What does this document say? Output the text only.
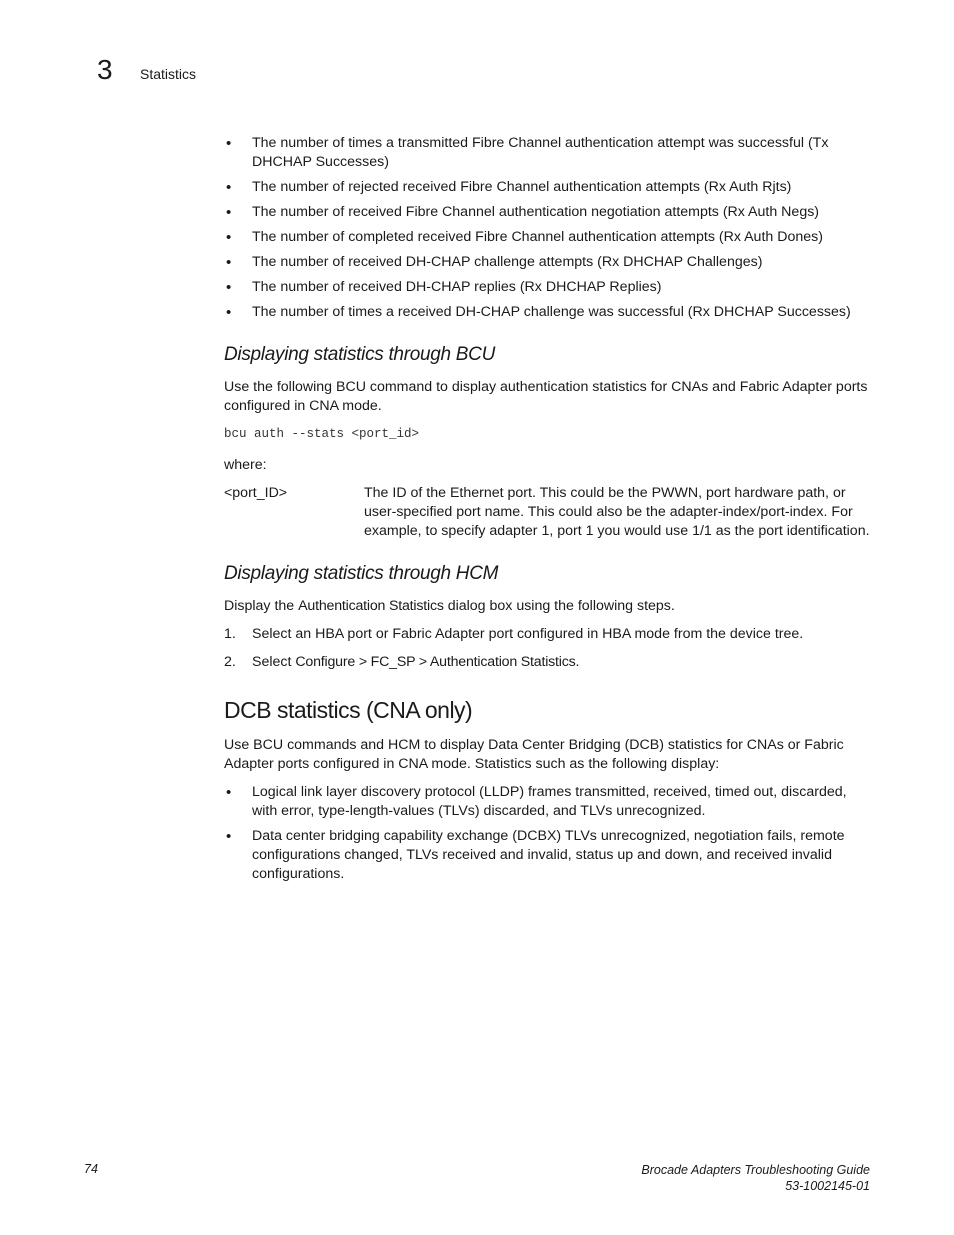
3 Statistics
• The number of times a transmitted Fibre Channel authentication attempt was successful (Tx DHCHAP Successes)
• The number of rejected received Fibre Channel authentication attempts (Rx Auth Rjts)
• The number of received Fibre Channel authentication negotiation attempts (Rx Auth Negs)
• The number of completed received Fibre Channel authentication attempts (Rx Auth Dones)
• The number of received DH-CHAP challenge attempts (Rx DHCHAP Challenges)
• The number of received DH-CHAP replies (Rx DHCHAP Replies)
• The number of times a received DH-CHAP challenge was successful (Rx DHCHAP Successes)
Displaying statistics through BCU

Use the following BCU command to display authentication statistics for CNAs and Fabric Adapter ports configured in CNA mode.

bcu auth --stats <port_id>

where:

<port_ID>	The ID of the Ethernet port. This could be the PWWN, port hardware path, or user-specified port name. This could also be the adapter-index/port-index. For example, to specify adapter 1, port 1 you would use 1/1 as the port identification.
Displaying statistics through HCM

Display the Authentication Statistics dialog box using the following steps.

1.	Select an HBA port or Fabric Adapter port configured in HBA mode from the device tree.
2.	Select Configure > FC_SP > Authentication Statistics.
DCB statistics (CNA only)

Use BCU commands and HCM to display Data Center Bridging (DCB) statistics for CNAs or Fabric Adapter ports configured in CNA mode. Statistics such as the following display:

• Logical link layer discovery protocol (LLDP) frames transmitted, received, timed out, discarded, with error, type-length-values (TLVs) discarded, and TLVs unrecognized.
• Data center bridging capability exchange (DCBX) TLVs unrecognized, negotiation fails, remote configurations changed, TLVs received and invalid, status up and down, and received invalid configurations.
74	Brocade Adapters Troubleshooting Guide
53-1002145-01
